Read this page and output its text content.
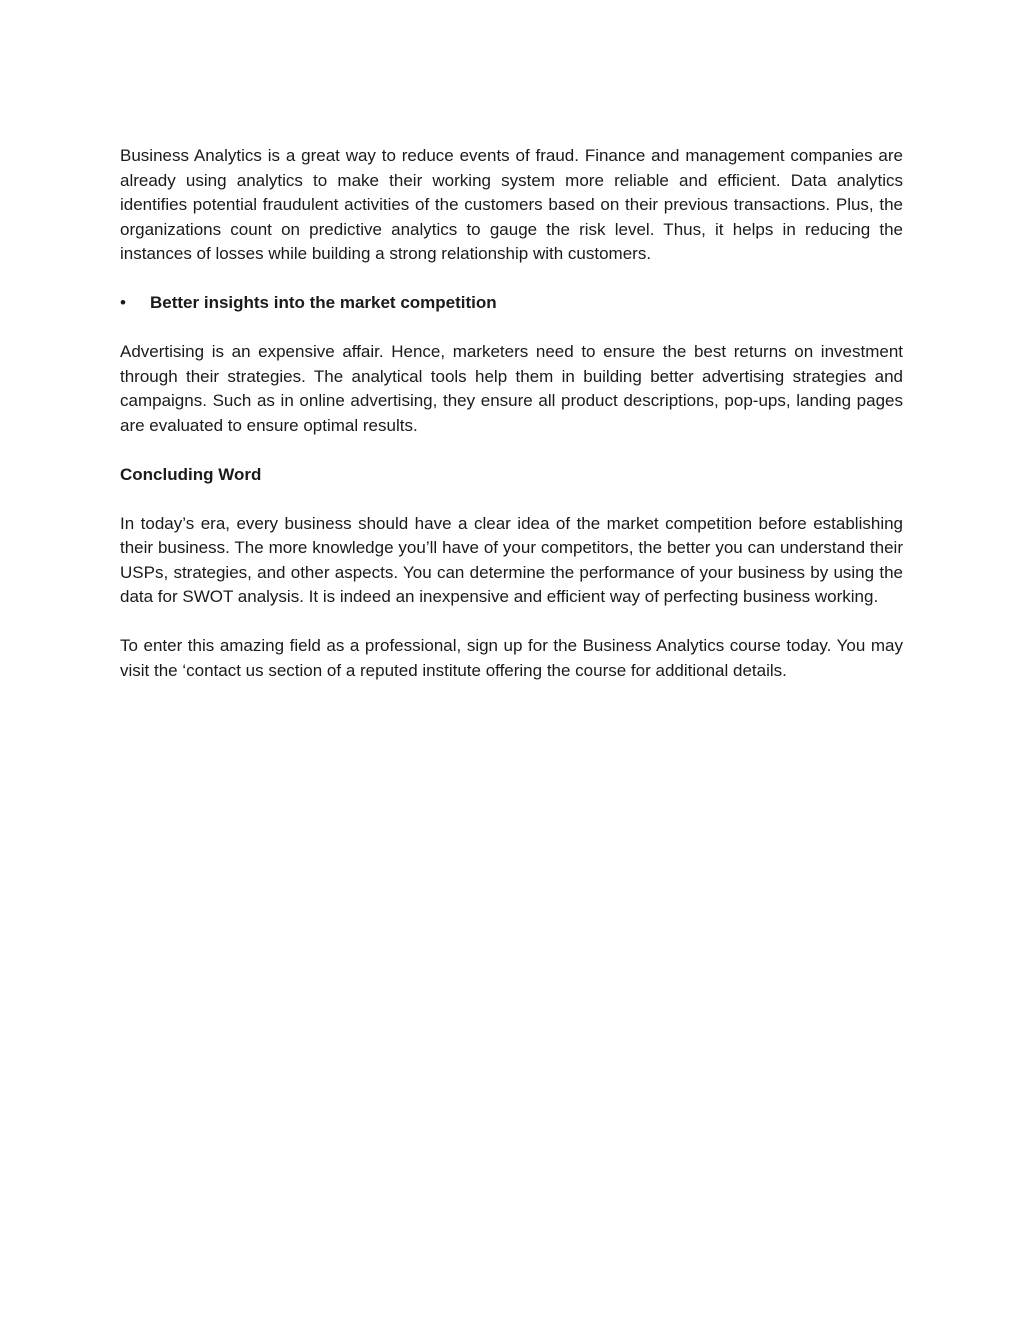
Business Analytics is a great way to reduce events of fraud. Finance and management companies are already using analytics to make their working system more reliable and efficient. Data analytics identifies potential fraudulent activities of the customers based on their previous transactions. Plus, the organizations count on predictive analytics to gauge the risk level. Thus, it helps in reducing the instances of losses while building a strong relationship with customers.

•	Better insights into the market competition

Advertising is an expensive affair. Hence, marketers need to ensure the best returns on investment through their strategies. The analytical tools help them in building better advertising strategies and campaigns. Such as in online advertising, they ensure all product descriptions, pop-ups, landing pages are evaluated to ensure optimal results.

Concluding Word

In today’s era, every business should have a clear idea of the market competition before establishing their business. The more knowledge you’ll have of your competitors, the better you can understand their USPs, strategies, and other aspects. You can determine the performance of your business by using the data for SWOT analysis. It is indeed an inexpensive and efficient way of perfecting business working.

To enter this amazing field as a professional, sign up for the Business Analytics course today. You may visit the ‘contact us section of a reputed institute offering the course for additional details.
